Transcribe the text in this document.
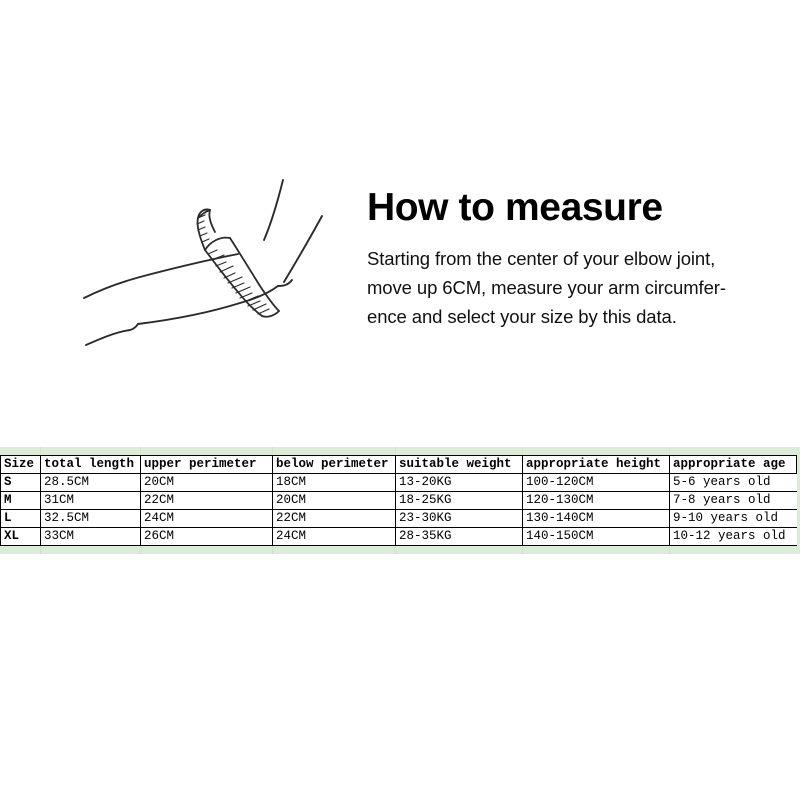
How to measure
Starting from the center of your elbow joint,
move up 6CM, measure your arm circumfer-
ence and select your size by this data.
Size	total length	upper perimeter	below perimeter	suitable weight	appropriate height	appropriate age
S	28.5CM	20CM	18CM	13-20KG	100-120CM	5-6 years old
M	31CM	22CM	20CM	18-25KG	120-130CM	7-8 years old
L	32.5CM	24CM	22CM	23-30KG	130-140CM	9-10 years old
XL	33CM	26CM	24CM	28-35KG	140-150CM	10-12 years old
